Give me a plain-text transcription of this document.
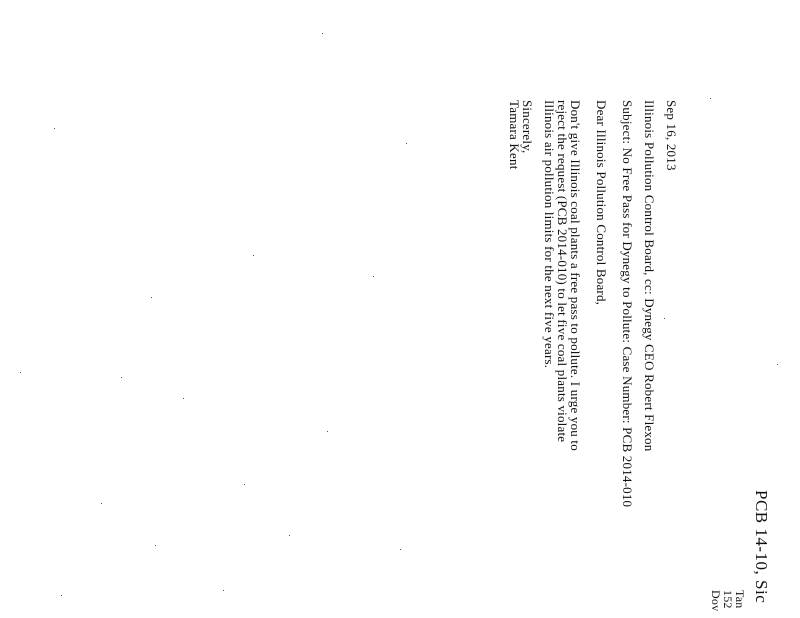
PCB 14-10, Sic
Tan
152
Dov
Sep 16, 2013
Illinois Pollution Control Board, cc: Dynegy CEO Robert Flexon
Subject: No Free Pass for Dynegy to Pollute: Case Number: PCB 2014-010
Dear Illinois Pollution Control Board,
Don't give Illinois coal plants a free pass to pollute. I urge you to
reject the request (PCB 2014-010) to let five coal plants violate
Illinois air pollution limits for the next five years.
Sincerely,
Tamara Kent
